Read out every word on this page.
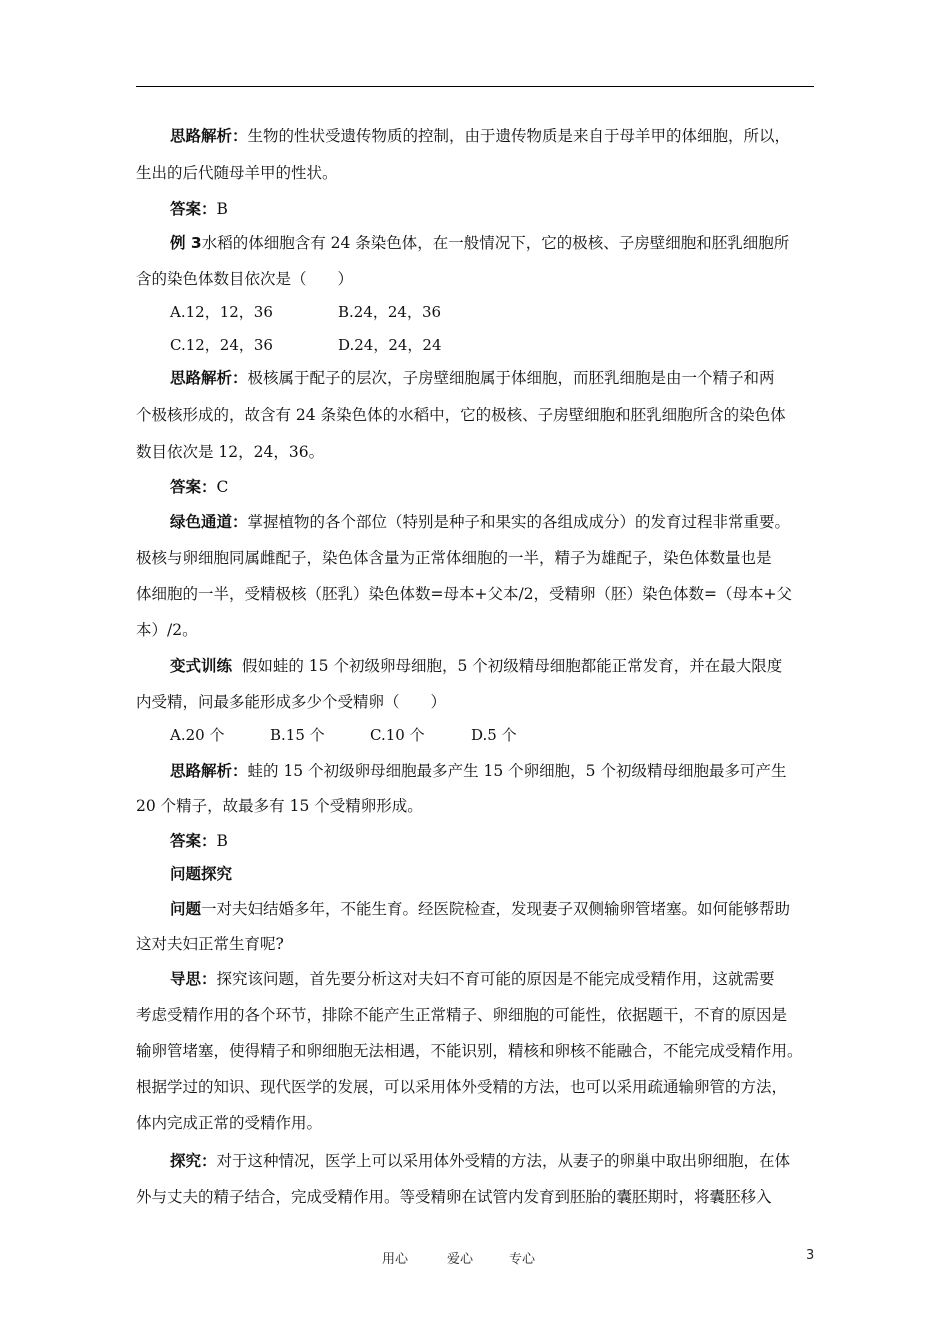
思路解析：生物的性状受遗传物质的控制，由于遗传物质是来自于母羊甲的体细胞，所以，

生出的后代随母羊甲的性状。

答案：B

例 3水稻的体细胞含有 24 条染色体，在一般情况下，它的极核、子房壁细胞和胚乳细胞所

含的染色体数目依次是（　　）

A.12，12，36	B.24，24，36
C.12，24，36	D.24，24，24

思路解析：极核属于配子的层次，子房壁细胞属于体细胞，而胚乳细胞是由一个精子和两

个极核形成的，故含有 24 条染色体的水稻中，它的极核、子房壁细胞和胚乳细胞所含的染色体

数目依次是 12，24，36。

答案：C

绿色通道：掌握植物的各个部位（特别是种子和果实的各组成成分）的发育过程非常重要。

极核与卵细胞同属雌配子，染色体含量为正常体细胞的一半，精子为雄配子，染色体数量也是

体细胞的一半，受精极核（胚乳）染色体数=母本+父本/2，受精卵（胚）染色体数=（母本+父

本）/2。

变式训练 假如蛙的 15 个初级卵母细胞，5 个初级精母细胞都能正常发育，并在最大限度

内受精，问最多能形成多少个受精卵（　　）

A.20 个	B.15 个	C.10 个	D.5 个

思路解析：蛙的 15 个初级卵母细胞最多产生 15 个卵细胞，5 个初级精母细胞最多可产生

20 个精子，故最多有 15 个受精卵形成。

答案：B

问题探究

问题一对夫妇结婚多年，不能生育。经医院检查，发现妻子双侧输卵管堵塞。如何能够帮助

这对夫妇正常生育呢?

导思：探究该问题，首先要分析这对夫妇不育可能的原因是不能完成受精作用，这就需要

考虑受精作用的各个环节，排除不能产生正常精子、卵细胞的可能性，依据题干，不育的原因是

输卵管堵塞，使得精子和卵细胞无法相遇，不能识别，精核和卵核不能融合，不能完成受精作用。

根据学过的知识、现代医学的发展，可以采用体外受精的方法，也可以采用疏通输卵管的方法，

体内完成正常的受精作用。

探究：对于这种情况，医学上可以采用体外受精的方法，从妻子的卵巢中取出卵细胞，在体

外与丈夫的精子结合，完成受精作用。等受精卵在试管内发育到胚胎的囊胚期时，将囊胚移入

用心	爱心	专心	3
